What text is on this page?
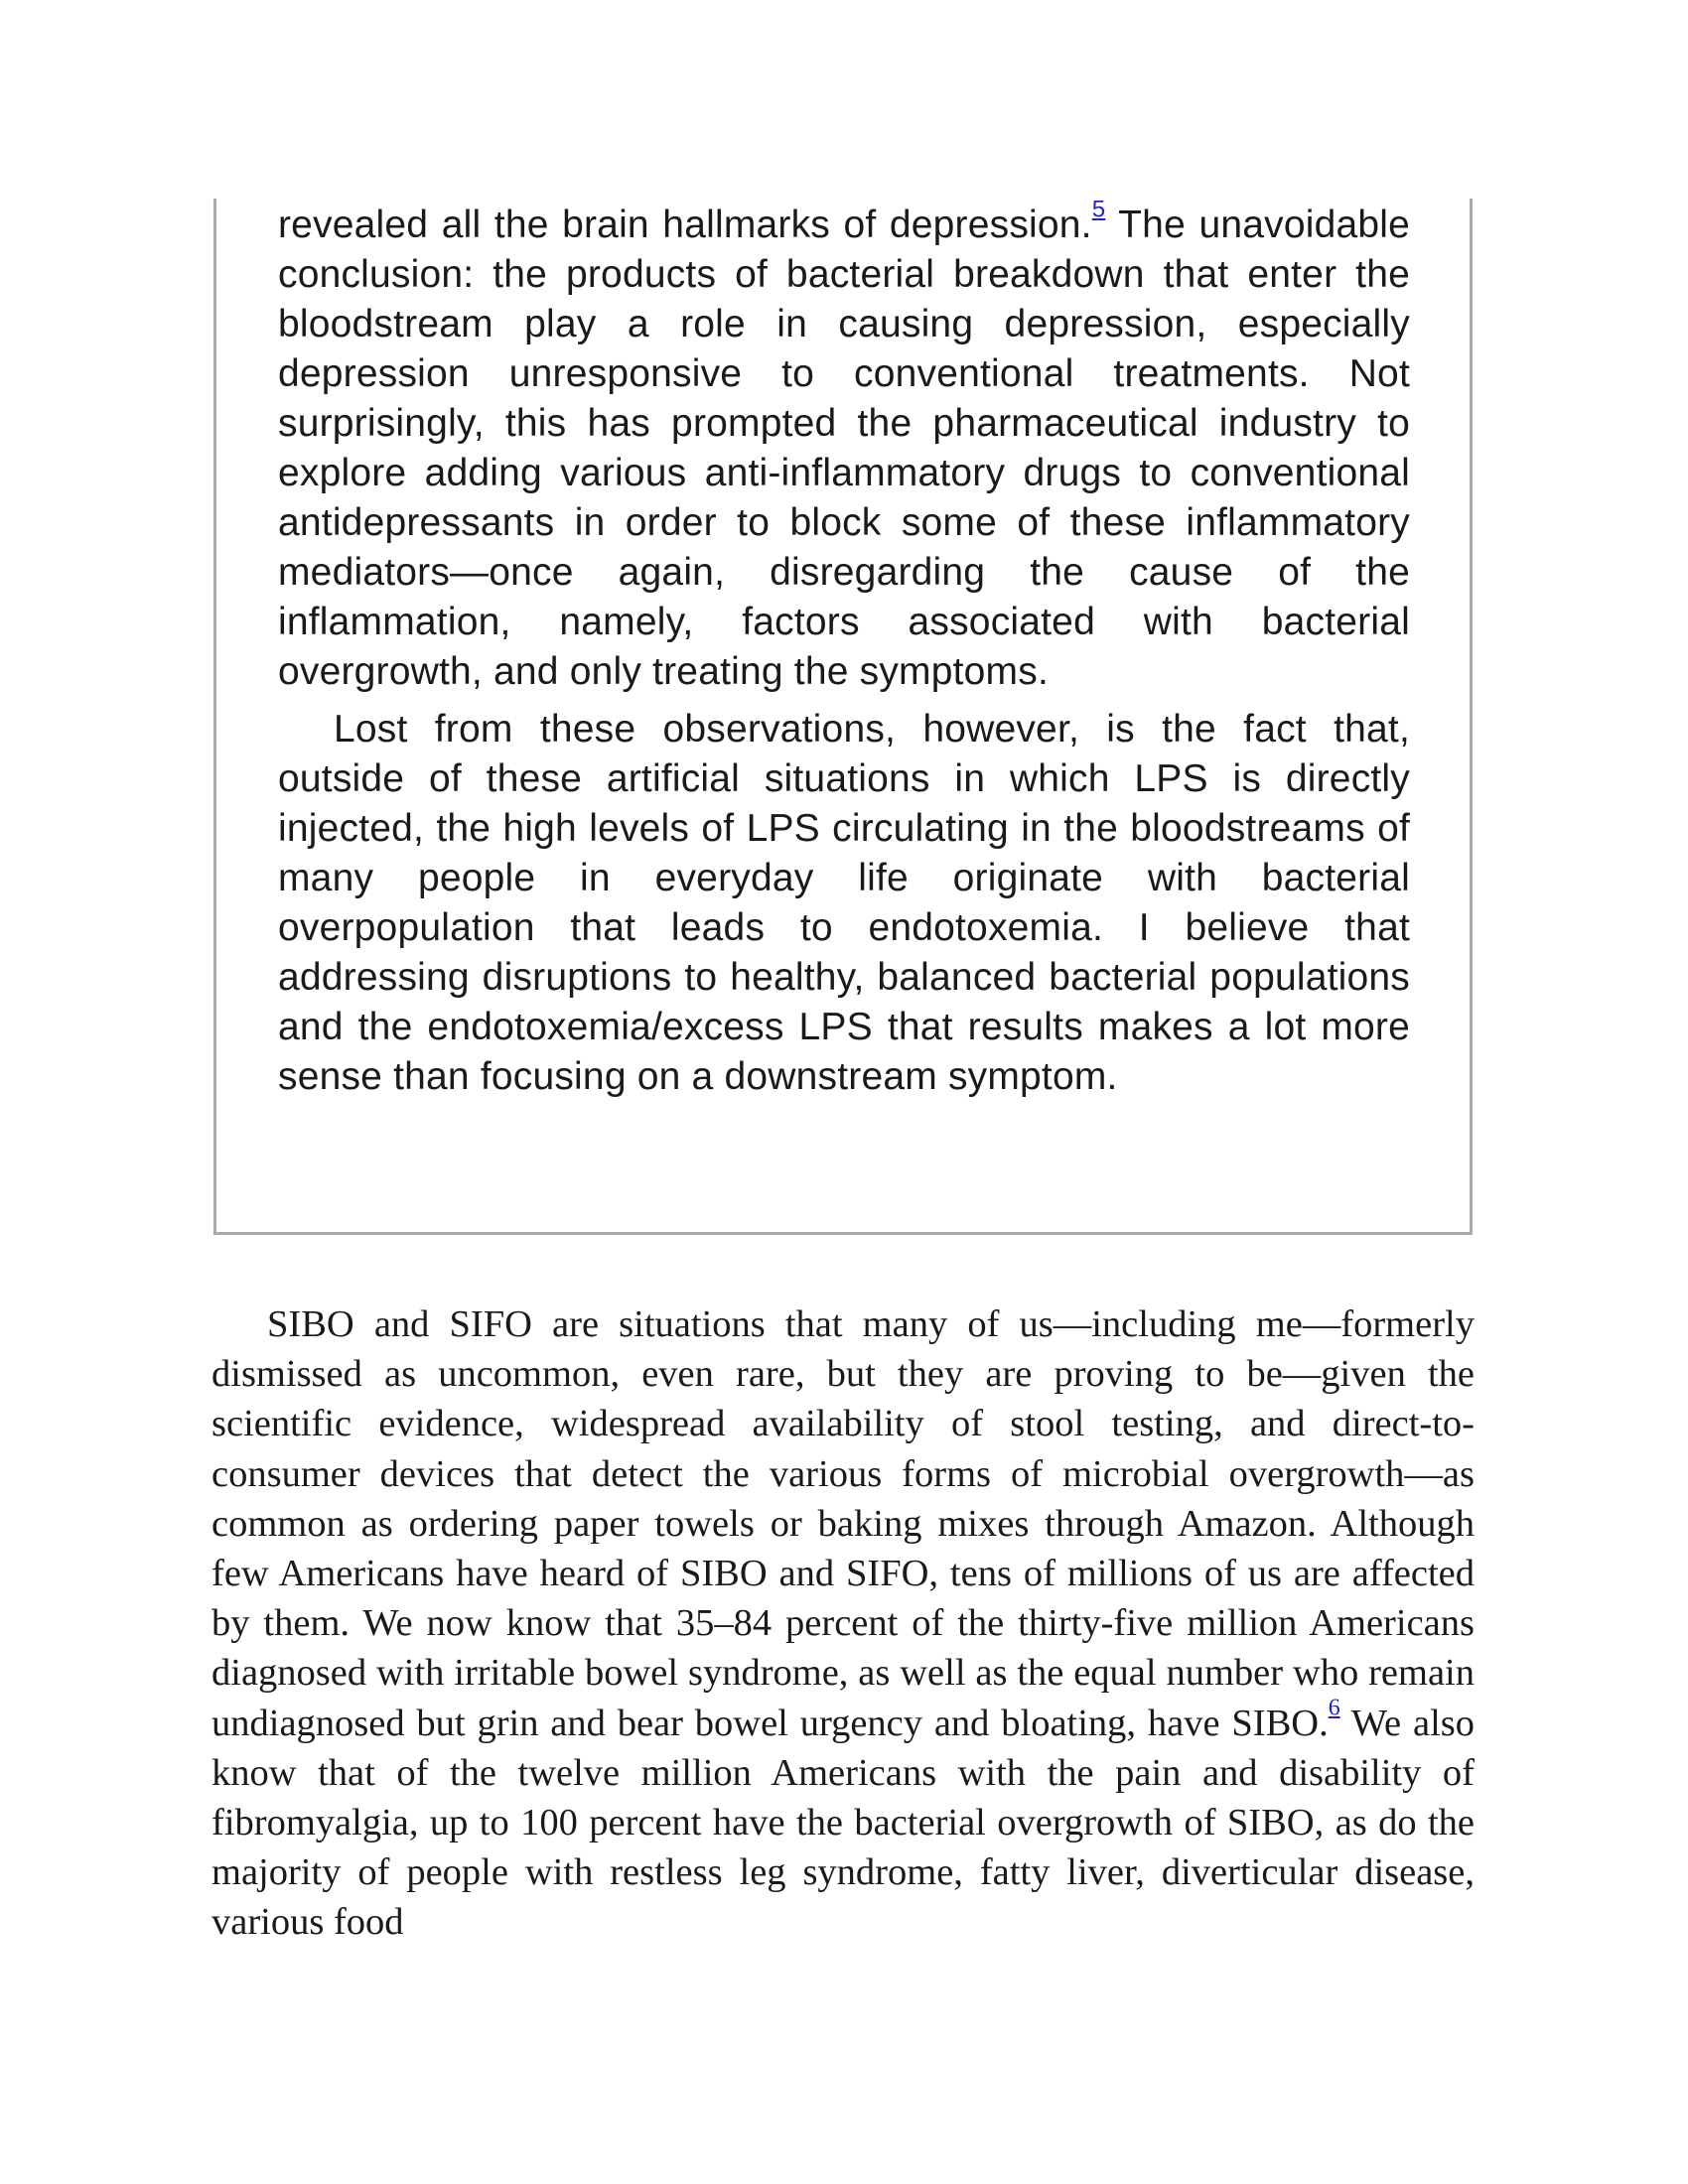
revealed all the brain hallmarks of depression.$^5$ The unavoidable conclusion: the products of bacterial breakdown that enter the bloodstream play a role in causing depression, especially depression unresponsive to conventional treatments. Not surprisingly, this has prompted the pharmaceutical industry to explore adding various anti-inflammatory drugs to conventional antidepressants in order to block some of these inflammatory mediators—once again, disregarding the cause of the inflammation, namely, factors associated with bacterial overgrowth, and only treating the symptoms.

Lost from these observations, however, is the fact that, outside of these artificial situations in which LPS is directly injected, the high levels of LPS circulating in the bloodstreams of many people in everyday life originate with bacterial overpopulation that leads to endotoxemia. I believe that addressing disruptions to healthy, balanced bacterial populations and the endotoxemia/excess LPS that results makes a lot more sense than focusing on a downstream symptom.

SIBO and SIFO are situations that many of us—including me—formerly dismissed as uncommon, even rare, but they are proving to be—given the scientific evidence, widespread availability of stool testing, and direct-to-consumer devices that detect the various forms of microbial overgrowth—as common as ordering paper towels or baking mixes through Amazon. Although few Americans have heard of SIBO and SIFO, tens of millions of us are affected by them. We now know that 35–84 percent of the thirty-five million Americans diagnosed with irritable bowel syndrome, as well as the equal number who remain undiagnosed but grin and bear bowel urgency and bloating, have SIBO.$^6$ We also know that of the twelve million Americans with the pain and disability of fibromyalgia, up to 100 percent have the bacterial overgrowth of SIBO, as do the majority of people with restless leg syndrome, fatty liver, diverticular disease, various food
